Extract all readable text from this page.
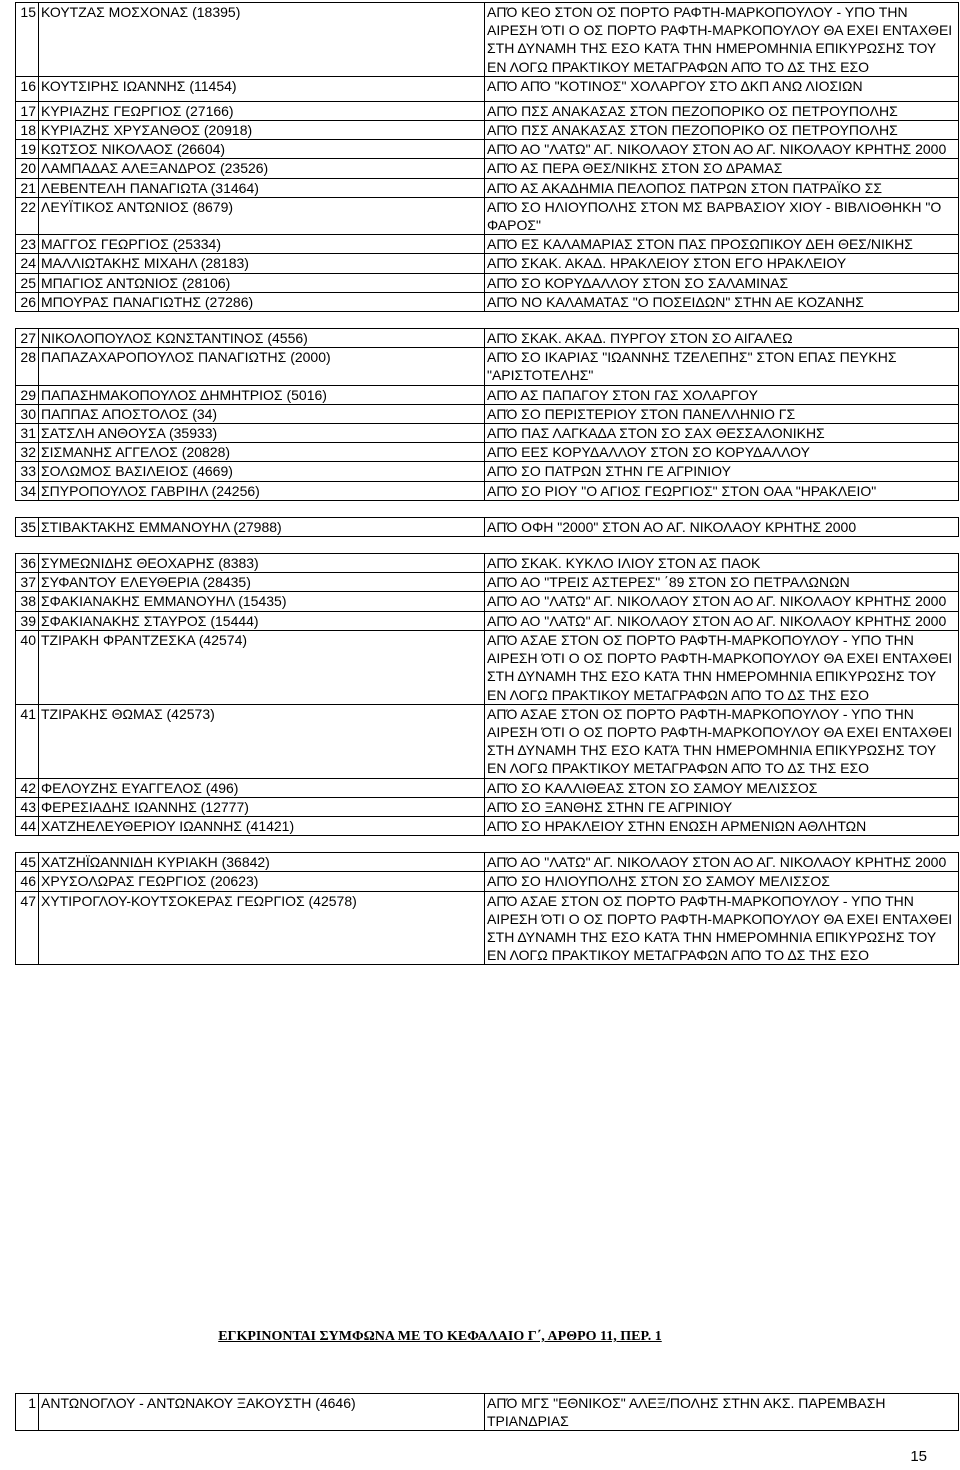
15	ΚΟΥΤΖΑΣ ΜΟΣΧΟΝΑΣ (18395)	ΑΠΌ ΚΕΟ ΣΤΟΝ ΟΣ ΠΟΡΤΟ ΡΑΦΤΗ-ΜΑΡΚΟΠΟΥΛΟΥ - ΥΠΟ ΤΗΝ ΑΙΡΕΣΗ ΌΤΙ Ο ΟΣ ΠΟΡΤΟ ΡΑΦΤΗ-ΜΑΡΚΟΠΟΥΛΟΥ ΘΑ ΕΧΕΙ ΕΝΤΑΧΘΕΙ ΣΤΗ ΔΥΝΑΜΗ ΤΗΣ ΕΣΟ ΚΑΤΆ ΤΗΝ ΗΜΕΡΟΜΗΝΙΑ ΕΠΙΚΥΡΩΣΗΣ ΤΟΥ ΕΝ ΛΟΓΩ ΠΡΑΚΤΙΚΟΥ ΜΕΤΑΓΡΑΦΩΝ ΑΠΌ ΤΟ ΔΣ ΤΗΣ ΕΣΟ
16	ΚΟΥΤΣΙΡΗΣ ΙΩΑΝΝΗΣ (11454)	ΑΠΌ ΑΠΌ "ΚΟΤΙΝΟΣ" ΧΟΛΑΡΓΟΥ ΣΤΟ ΔΚΠ ΑΝΩ ΛΙΟΣΙΩΝ
17	ΚΥΡΙΑΖΗΣ ΓΕΩΡΓΙΟΣ (27166)	ΑΠΌ ΠΣΣ ΑΝΑΚΑΣΑΣ ΣΤΟΝ ΠΕΖΟΠΟΡΙΚΟ ΟΣ ΠΕΤΡΟΥΠΟΛΗΣ
18	ΚΥΡΙΑΖΗΣ ΧΡΥΣΑΝΘΟΣ (20918)	ΑΠΌ ΠΣΣ ΑΝΑΚΑΣΑΣ ΣΤΟΝ ΠΕΖΟΠΟΡΙΚΟ ΟΣ ΠΕΤΡΟΥΠΟΛΗΣ
19	ΚΩΤΣΟΣ ΝΙΚΟΛΑΟΣ (26604)	ΑΠΌ ΑΟ "ΛΑΤΩ" ΑΓ. ΝΙΚΟΛΑΟΥ ΣΤΟΝ ΑΟ ΑΓ. ΝΙΚΟΛΑΟΥ ΚΡΗΤΗΣ 2000
20	ΛΑΜΠΑΔΑΣ ΑΛΕΞΑΝΔΡΟΣ (23526)	ΑΠΌ ΑΣ ΠΕΡΑ ΘΕΣ/ΝΙΚΗΣ ΣΤΟΝ ΣΟ ΔΡΑΜΑΣ
21	ΛΕΒΕΝΤΕΛΗ ΠΑΝΑΓΙΩΤΑ (31464)	ΑΠΌ ΑΣ ΑΚΑΔΗΜΙΑ ΠΕΛΟΠΟΣ ΠΑΤΡΩΝ ΣΤΟΝ ΠΑΤΡΑΪΚΟ ΣΣ
22	ΛΕΥΪΤΙΚΟΣ ΑΝΤΩΝΙΟΣ (8679)	ΑΠΌ ΣΟ ΗΛΙΟΥΠΟΛΗΣ ΣΤΟΝ ΜΣ ΒΑΡΒΑΣΙΟΥ ΧΙΟΥ - ΒΙΒΛΙΟΘΗΚΗ "Ο ΦΑΡΟΣ"
23	ΜΑΓΓΟΣ ΓΕΩΡΓΙΟΣ (25334)	ΑΠΌ ΕΣ ΚΑΛΑΜΑΡΙΑΣ ΣΤΟΝ ΠΑΣ ΠΡΟΣΩΠΙΚΟΥ ΔΕΗ ΘΕΣ/ΝΙΚΗΣ
24	ΜΑΛΛΙΩΤΑΚΗΣ ΜΙΧΑΗΛ (28183)	ΑΠΌ ΣΚΑΚ. ΑΚΑΔ. ΗΡΑΚΛΕΙΟΥ ΣΤΟΝ ΕΓΟ ΗΡΑΚΛΕΙΟΥ
25	ΜΠΑΓΙΟΣ ΑΝΤΩΝΙΟΣ (28106)	ΑΠΌ ΣΟ ΚΟΡΥΔΑΛΛΟΥ ΣΤΟΝ ΣΟ ΣΑΛΑΜΙΝΑΣ
26	ΜΠΟΥΡΑΣ ΠΑΝΑΓΙΩΤΗΣ (27286)	ΑΠΌ ΝΟ ΚΑΛΑΜΑΤΑΣ "Ο ΠΟΣΕΙΔΩΝ" ΣΤΗΝ ΑΕ ΚΟΖΑΝΗΣ

27	ΝΙΚΟΛΟΠΟΥΛΟΣ ΚΩΝΣΤΑΝΤΙΝΟΣ (4556)	ΑΠΌ ΣΚΑΚ. ΑΚΑΔ. ΠΥΡΓΟΥ ΣΤΟΝ ΣΟ ΑΙΓΑΛΕΩ
28	ΠΑΠΑΖΑΧΑΡΟΠΟΥΛΟΣ ΠΑΝΑΓΙΩΤΗΣ (2000)	ΑΠΌ ΣΟ ΙΚΑΡΙΑΣ "ΙΩΑΝΝΗΣ ΤΖΕΛΕΠΗΣ" ΣΤΟΝ ΕΠΑΣ ΠΕΥΚΗΣ "ΑΡΙΣΤΟΤΕΛΗΣ"
29	ΠΑΠΑΣΗΜΑΚΟΠΟΥΛΟΣ ΔΗΜΗΤΡΙΟΣ (5016)	ΑΠΌ ΑΣ ΠΑΠΑΓΟΥ ΣΤΟΝ ΓΑΣ ΧΟΛΑΡΓΟΥ
30	ΠΑΠΠΑΣ ΑΠΟΣΤΟΛΟΣ (34)	ΑΠΌ ΣΟ ΠΕΡΙΣΤΕΡΙΟΥ ΣΤΟΝ ΠΑΝΕΛΛΗΝΙΟ ΓΣ
31	ΣΑΤΣΛΗ ΑΝΘΟΥΣΑ (35933)	ΑΠΌ ΠΑΣ ΛΑΓΚΑΔΑ ΣΤΟΝ ΣΟ ΣΑΧ ΘΕΣΣΑΛΟΝΙΚΗΣ
32	ΣΙΣΜΑΝΗΣ ΑΓΓΕΛΟΣ (20828)	ΑΠΌ ΕΕΣ ΚΟΡΥΔΑΛΛΟΥ ΣΤΟΝ ΣΟ ΚΟΡΥΔΑΛΛΟΥ
33	ΣΟΛΩΜΟΣ ΒΑΣΙΛΕΙΟΣ (4669)	ΑΠΌ ΣΟ ΠΑΤΡΩΝ ΣΤΗΝ ΓΕ ΑΓΡΙΝΙΟΥ
34	ΣΠΥΡΟΠΟΥΛΟΣ ΓΑΒΡΙΗΛ (24256)	ΑΠΌ ΣΟ ΡΙΟΥ "Ο ΑΓΙΟΣ ΓΕΩΡΓΙΟΣ" ΣΤΟΝ ΟΑΑ "ΗΡΑΚΛΕΙΟ"

35	ΣΤΙΒΑΚΤΑΚΗΣ ΕΜΜΑΝΟΥΗΛ (27988)	ΑΠΌ ΟΦΗ "2000" ΣΤΟΝ ΑΟ ΑΓ. ΝΙΚΟΛΑΟΥ ΚΡΗΤΗΣ 2000

36	ΣΥΜΕΩΝΙΔΗΣ ΘΕΟΧΑΡΗΣ (8383)	ΑΠΌ ΣΚΑΚ. ΚΥΚΛΟ ΙΛΙΟΥ ΣΤΟΝ ΑΣ ΠΑΟΚ
37	ΣΥΦΑΝΤΟΥ ΕΛΕΥΘΕΡΙΑ (28435)	ΑΠΌ ΑΟ "ΤΡΕΙΣ ΑΣΤΕΡΕΣ" ΄89 ΣΤΟΝ ΣΟ ΠΕΤΡΑΛΩΝΩΝ
38	ΣΦΑΚΙΑΝΑΚΗΣ ΕΜΜΑΝΟΥΗΛ (15435)	ΑΠΌ ΑΟ "ΛΑΤΩ" ΑΓ. ΝΙΚΟΛΑΟΥ ΣΤΟΝ ΑΟ ΑΓ. ΝΙΚΟΛΑΟΥ ΚΡΗΤΗΣ 2000
39	ΣΦΑΚΙΑΝΑΚΗΣ ΣΤΑΥΡΟΣ (15444)	ΑΠΌ ΑΟ "ΛΑΤΩ" ΑΓ. ΝΙΚΟΛΑΟΥ ΣΤΟΝ ΑΟ ΑΓ. ΝΙΚΟΛΑΟΥ ΚΡΗΤΗΣ 2000
40	ΤΖΙΡΑΚΗ ΦΡΑΝΤΖΕΣΚΑ (42574)	ΑΠΌ ΑΣΑΕ ΣΤΟΝ ΟΣ ΠΟΡΤΟ ΡΑΦΤΗ-ΜΑΡΚΟΠΟΥΛΟΥ - ΥΠΟ ΤΗΝ ΑΙΡΕΣΗ ΌΤΙ Ο ΟΣ ΠΟΡΤΟ ΡΑΦΤΗ-ΜΑΡΚΟΠΟΥΛΟΥ ΘΑ ΕΧΕΙ ΕΝΤΑΧΘΕΙ ΣΤΗ ΔΥΝΑΜΗ ΤΗΣ ΕΣΟ ΚΑΤΆ ΤΗΝ ΗΜΕΡΟΜΗΝΙΑ ΕΠΙΚΥΡΩΣΗΣ ΤΟΥ ΕΝ ΛΟΓΩ ΠΡΑΚΤΙΚΟΥ ΜΕΤΑΓΡΑΦΩΝ ΑΠΌ ΤΟ ΔΣ ΤΗΣ ΕΣΟ
41	ΤΖΙΡΑΚΗΣ ΘΩΜΑΣ (42573)	ΑΠΌ ΑΣΑΕ ΣΤΟΝ ΟΣ ΠΟΡΤΟ ΡΑΦΤΗ-ΜΑΡΚΟΠΟΥΛΟΥ - ΥΠΟ ΤΗΝ ΑΙΡΕΣΗ ΌΤΙ Ο ΟΣ ΠΟΡΤΟ ΡΑΦΤΗ-ΜΑΡΚΟΠΟΥΛΟΥ ΘΑ ΕΧΕΙ ΕΝΤΑΧΘΕΙ ΣΤΗ ΔΥΝΑΜΗ ΤΗΣ ΕΣΟ ΚΑΤΆ ΤΗΝ ΗΜΕΡΟΜΗΝΙΑ ΕΠΙΚΥΡΩΣΗΣ ΤΟΥ ΕΝ ΛΟΓΩ ΠΡΑΚΤΙΚΟΥ ΜΕΤΑΓΡΑΦΩΝ ΑΠΌ ΤΟ ΔΣ ΤΗΣ ΕΣΟ
42	ΦΕΛΟΥΖΗΣ ΕΥΑΓΓΕΛΟΣ (496)	ΑΠΌ ΣΟ ΚΑΛΛΙΘΕΑΣ ΣΤΟΝ ΣΟ ΣΑΜΟΥ ΜΕΛΙΣΣΟΣ
43	ΦΕΡΕΣΙΑΔΗΣ ΙΩΑΝΝΗΣ (12777)	ΑΠΌ ΣΟ ΞΑΝΘΗΣ ΣΤΗΝ ΓΕ ΑΓΡΙΝΙΟΥ
44	ΧΑΤΖΗΕΛΕΥΘΕΡΙΟΥ ΙΩΑΝΝΗΣ (41421)	ΑΠΌ ΣΟ ΗΡΑΚΛΕΙΟΥ ΣΤΗΝ ΕΝΩΣΗ ΑΡΜΕΝΙΩΝ ΑΘΛΗΤΩΝ

45	ΧΑΤΖΗΪΩΑΝΝΙΔΗ ΚΥΡΙΑΚΗ (36842)	ΑΠΌ ΑΟ "ΛΑΤΩ" ΑΓ. ΝΙΚΟΛΑΟΥ ΣΤΟΝ ΑΟ ΑΓ. ΝΙΚΟΛΑΟΥ ΚΡΗΤΗΣ 2000
46	ΧΡΥΣΟΛΩΡΑΣ ΓΕΩΡΓΙΟΣ (20623)	ΑΠΌ ΣΟ ΗΛΙΟΥΠΟΛΗΣ ΣΤΟΝ ΣΟ ΣΑΜΟΥ ΜΕΛΙΣΣΟΣ
47	ΧΥΤΙΡΟΓΛΟΥ-ΚΟΥΤΣΟΚΕΡΑΣ ΓΕΩΡΓΙΟΣ (42578)	ΑΠΌ ΑΣΑΕ ΣΤΟΝ ΟΣ ΠΟΡΤΟ ΡΑΦΤΗ-ΜΑΡΚΟΠΟΥΛΟΥ - ΥΠΟ ΤΗΝ ΑΙΡΕΣΗ ΌΤΙ Ο ΟΣ ΠΟΡΤΟ ΡΑΦΤΗ-ΜΑΡΚΟΠΟΥΛΟΥ ΘΑ ΕΧΕΙ ΕΝΤΑΧΘΕΙ ΣΤΗ ΔΥΝΑΜΗ ΤΗΣ ΕΣΟ ΚΑΤΆ ΤΗΝ ΗΜΕΡΟΜΗΝΙΑ ΕΠΙΚΥΡΩΣΗΣ ΤΟΥ ΕΝ ΛΟΓΩ ΠΡΑΚΤΙΚΟΥ ΜΕΤΑΓΡΑΦΩΝ ΑΠΌ ΤΟ ΔΣ ΤΗΣ ΕΣΟ
ΕΓΚΡΙΝΟΝΤΑΙ ΣΥΜΦΩΝΑ ΜΕ ΤΟ ΚΕΦΑΛΑΙΟ Γ΄, ΑΡΘΡΟ 11, ΠΕΡ. 1
1	ΑΝΤΩΝΟΓΛΟΥ - ΑΝΤΩΝΑΚΟΥ ΞΑΚΟΥΣΤΗ (4646)	ΑΠΌ ΜΓΣ "ΕΘΝΙΚΟΣ" ΑΛΕΞ/ΠΟΛΗΣ ΣΤΗΝ ΑΚΣ. ΠΑΡΕΜΒΑΣΗ ΤΡΙΑΝΔΡΙΑΣ
15
